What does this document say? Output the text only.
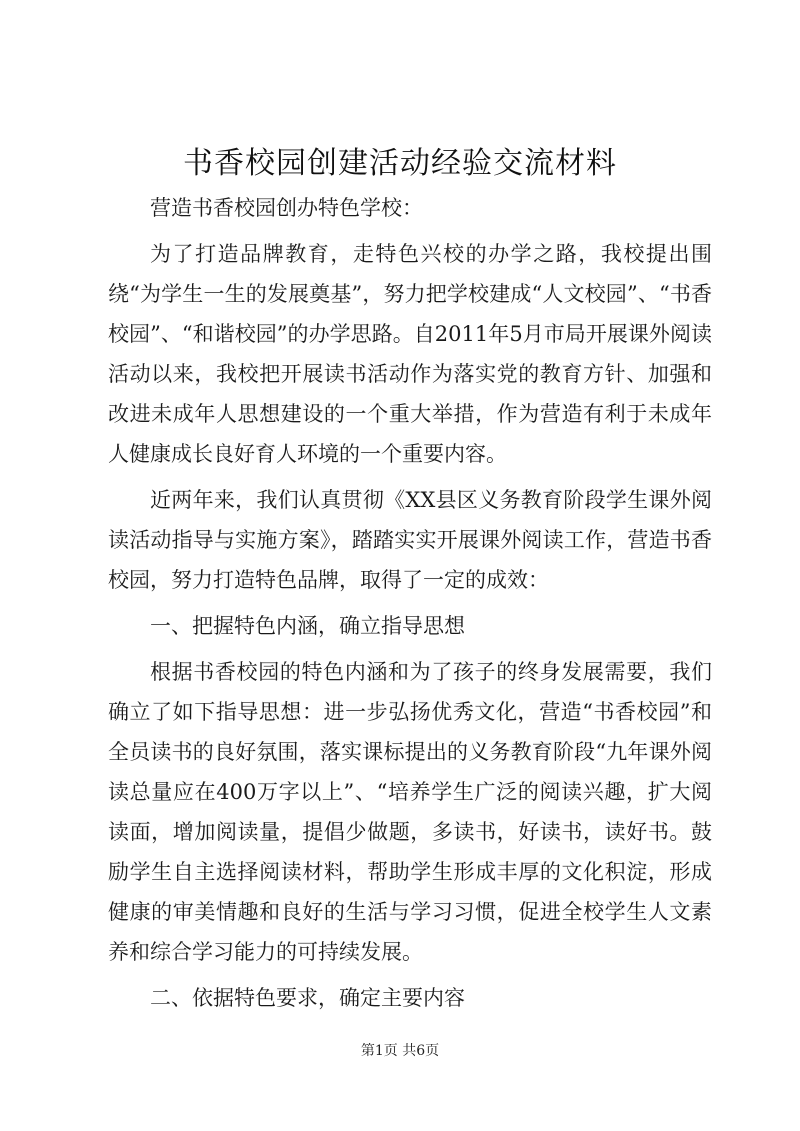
书香校园创建活动经验交流材料

营造书香校园创办特色学校：

为了打造品牌教育，走特色兴校的办学之路，我校提出围绕“为学生一生的发展奠基”，努力把学校建成“人文校园”、“书香校园”、“和谐校园”的办学思路。自2011年5月市局开展课外阅读活动以来，我校把开展读书活动作为落实党的教育方针、加强和改进未成年人思想建设的一个重大举措，作为营造有利于未成年人健康成长良好育人环境的一个重要内容。

近两年来，我们认真贯彻《XX县区义务教育阶段学生课外阅读活动指导与实施方案》，踏踏实实开展课外阅读工作，营造书香校园，努力打造特色品牌，取得了一定的成效：

一、把握特色内涵，确立指导思想

根据书香校园的特色内涵和为了孩子的终身发展需要，我们确立了如下指导思想：进一步弘扬优秀文化，营造“书香校园”和全员读书的良好氛围，落实课标提出的义务教育阶段“九年课外阅读总量应在400万字以上”、“培养学生广泛的阅读兴趣，扩大阅读面，增加阅读量，提倡少做题，多读书，好读书，读好书。鼓励学生自主选择阅读材料，帮助学生形成丰厚的文化积淀，形成健康的审美情趣和良好的生活与学习习惯，促进全校学生人文素养和综合学习能力的可持续发展。

二、依据特色要求，确定主要内容

第1页 共6页
